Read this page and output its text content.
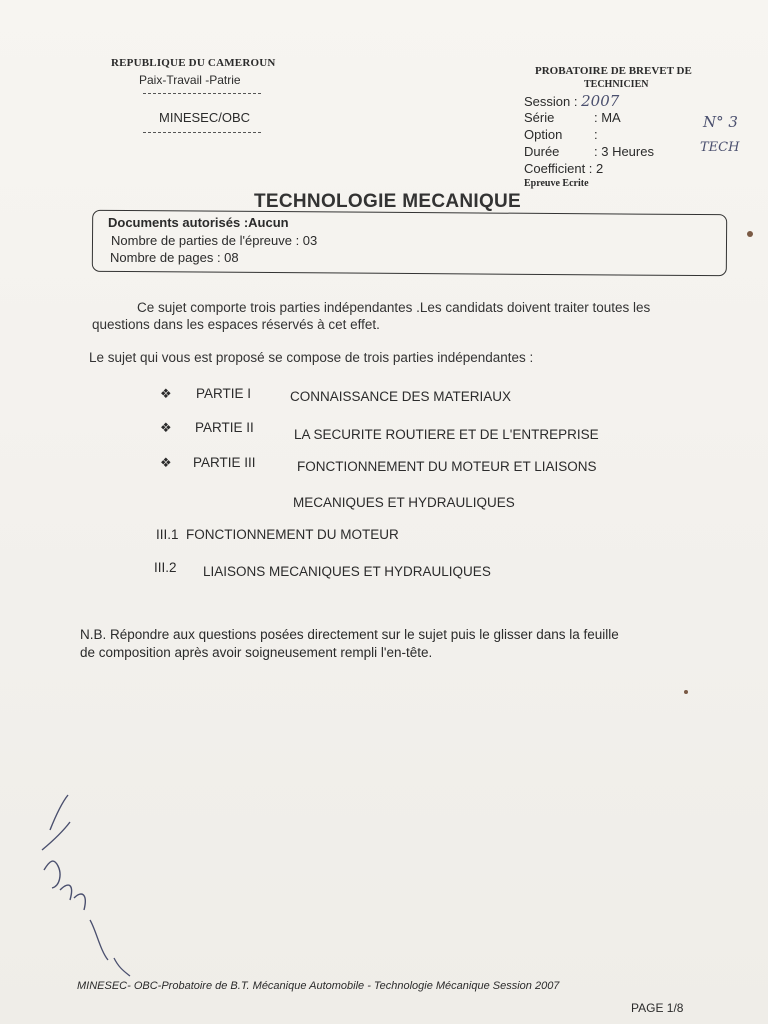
REPUBLIQUE DU CAMEROUN
Paix-Travail -Patrie
MINESEC/OBC
PROBATOIRE DE BREVET DE
TECHNICIEN
Session : 2007
Série	: MA
Option :
Durée	: 3 Heures
Coefficient : 2
Epreuve Ecrite
N° 3
TECH
TECHNOLOGIE MECANIQUE
Documents autorisés :Aucun
Nombre de parties de l'épreuve : 03
Nombre de pages : 08
Ce sujet comporte trois parties indépendantes .Les candidats doivent traiter toutes les
questions dans les espaces réservés à cet effet.
Le sujet qui vous est proposé se compose de trois parties indépendantes :
❖ PARTIE I	CONNAISSANCE DES MATERIAUX
❖ PARTIE II	LA SECURITE ROUTIERE ET DE L'ENTREPRISE
❖ PARTIE III	FONCTIONNEMENT DU MOTEUR ET LIAISONS
MECANIQUES ET HYDRAULIQUES
III.1 FONCTIONNEMENT DU MOTEUR
III.2 LIAISONS MECANIQUES ET HYDRAULIQUES
N.B. Répondre aux questions posées directement sur le sujet puis le glisser dans la feuille
de composition après avoir soigneusement rempli l'en-tête.
MINESEC- OBC-Probatoire de B.T. Mécanique Automobile - Technologie Mécanique Session 2007
PAGE 1/8
